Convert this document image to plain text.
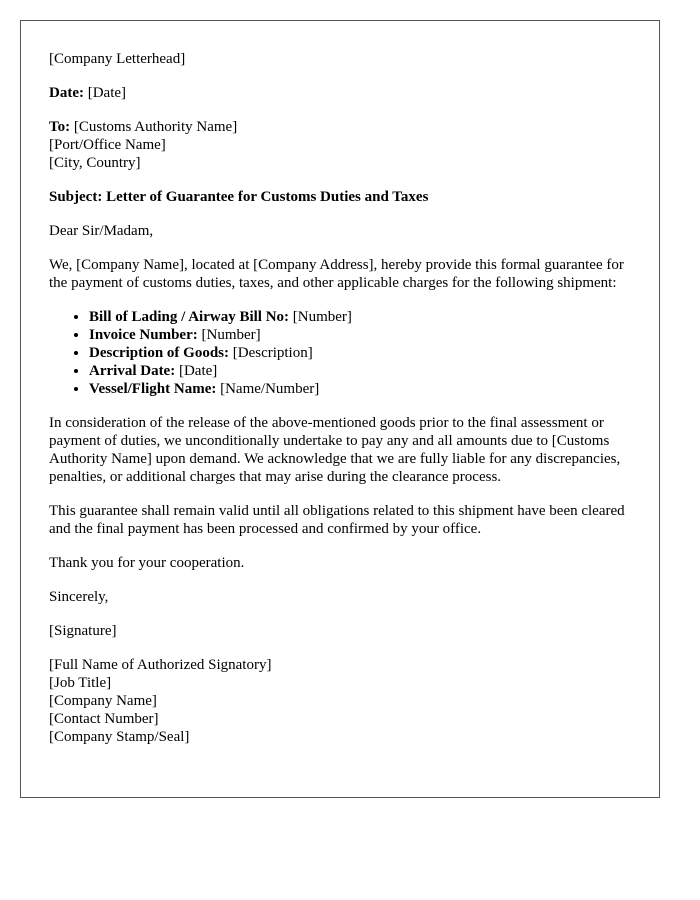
[Company Letterhead]

Date: [Date]

To: [Customs Authority Name]
[Port/Office Name]
[City, Country]

Subject: Letter of Guarantee for Customs Duties and Taxes

Dear Sir/Madam,

We, [Company Name], located at [Company Address], hereby provide this formal guarantee for the payment of customs duties, taxes, and other applicable charges for the following shipment:

• Bill of Lading / Airway Bill No: [Number]
• Invoice Number: [Number]
• Description of Goods: [Description]
• Arrival Date: [Date]
• Vessel/Flight Name: [Name/Number]

In consideration of the release of the above-mentioned goods prior to the final assessment or payment of duties, we unconditionally undertake to pay any and all amounts due to [Customs Authority Name] upon demand. We acknowledge that we are fully liable for any discrepancies, penalties, or additional charges that may arise during the clearance process.

This guarantee shall remain valid until all obligations related to this shipment have been cleared and the final payment has been processed and confirmed by your office.

Thank you for your cooperation.

Sincerely,

[Signature]

[Full Name of Authorized Signatory]
[Job Title]
[Company Name]
[Contact Number]
[Company Stamp/Seal]
